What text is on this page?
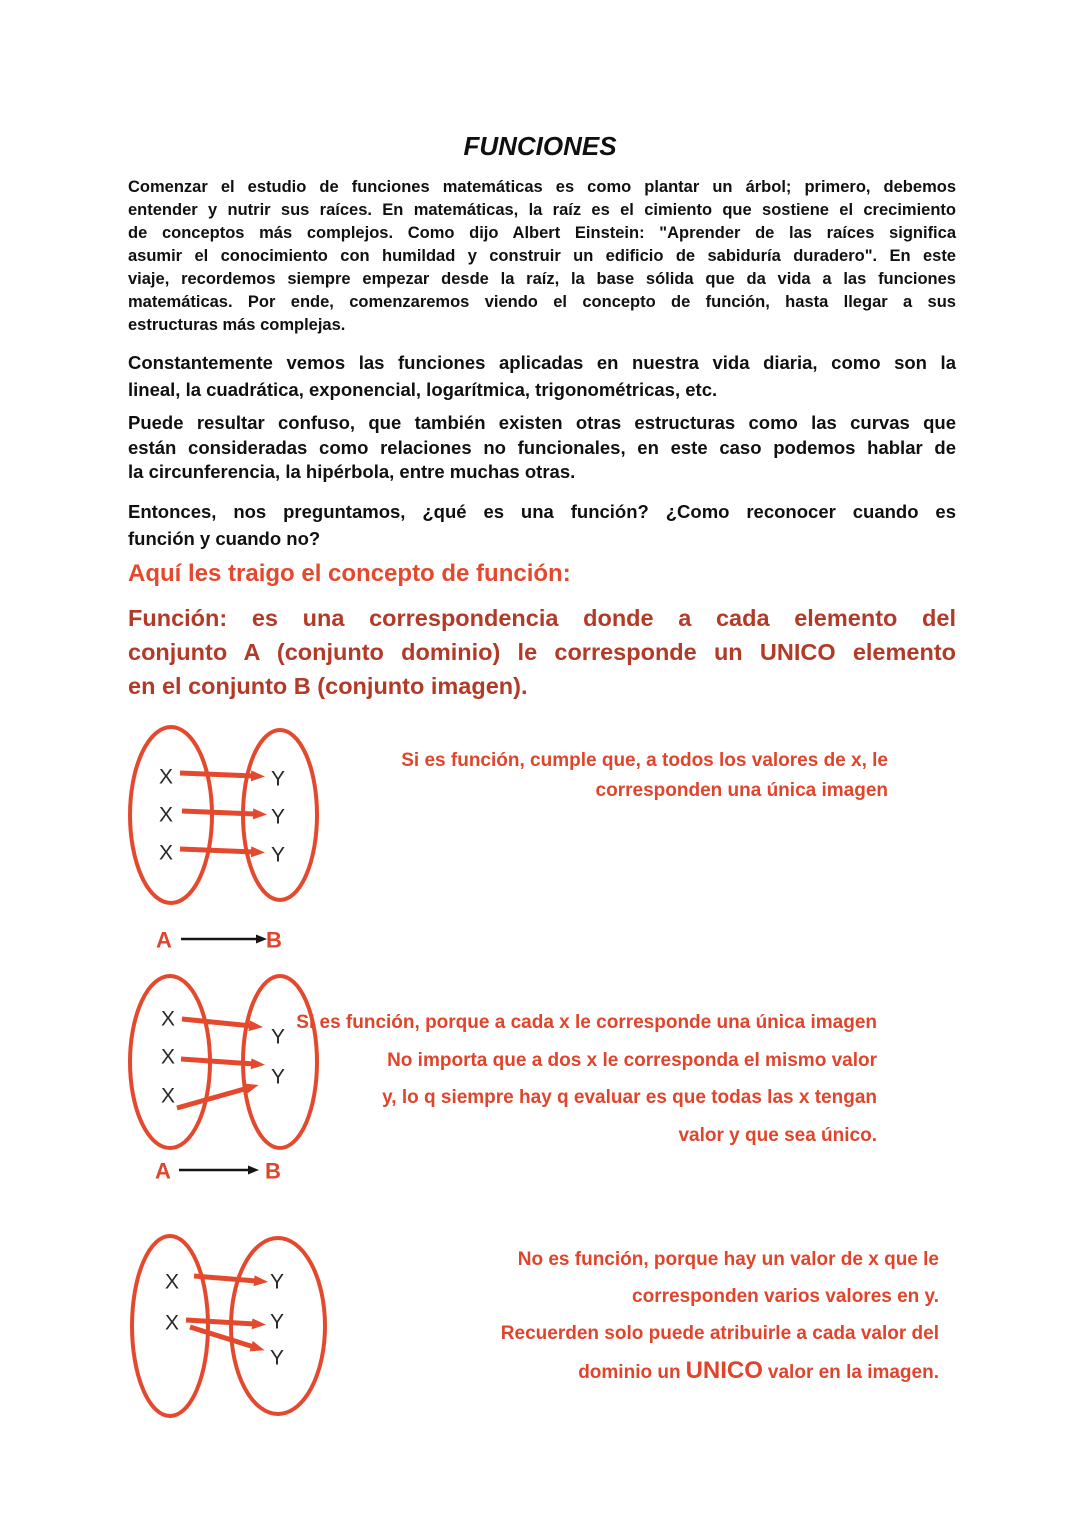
FUNCIONES
Comenzar el estudio de funciones matemáticas es como plantar un árbol; primero, debemos
entender y nutrir sus raíces. En matemáticas, la raíz es el cimiento que sostiene el crecimiento
de conceptos más complejos. Como dijo Albert Einstein: "Aprender de las raíces significa
asumir el conocimiento con humildad y construir un edificio de sabiduría duradero". En este
viaje, recordemos siempre empezar desde la raíz, la base sólida que da vida a las funciones
matemáticas. Por ende, comenzaremos viendo el concepto de función, hasta llegar a sus
estructuras más complejas.
Constantemente vemos las funciones aplicadas en nuestra vida diaria, como son la
lineal, la cuadrática, exponencial, logarítmica, trigonométricas, etc.
Puede resultar confuso, que también existen otras estructuras como las curvas que
están consideradas como relaciones no funcionales, en este caso podemos hablar de
la circunferencia, la hipérbola, entre muchas otras.
Entonces, nos preguntamos, ¿qué es una función? ¿Como reconocer cuando es
función y cuando no?
Aquí les traigo el concepto de función:
Función: es una correspondencia donde a cada elemento del
conjunto A (conjunto dominio) le corresponde un UNICO elemento
en el conjunto B (conjunto imagen).
X
X
X
Y
Y
Y
A	B
Si es función, cumple que, a todos los valores de x, le
corresponden una única imagen
X
X
X
Y
Y
A	B
Si es función, porque a cada x le corresponde una única imagen
No importa que a dos x le corresponda el mismo valor
y, lo q siempre hay q evaluar es que todas las x tengan
valor y que sea único.
X
X
Y
Y
Y
No es función, porque hay un valor de x que le
corresponden varios valores en y.
Recuerden solo puede atribuirle a cada valor del
dominio un UNICO valor en la imagen.
